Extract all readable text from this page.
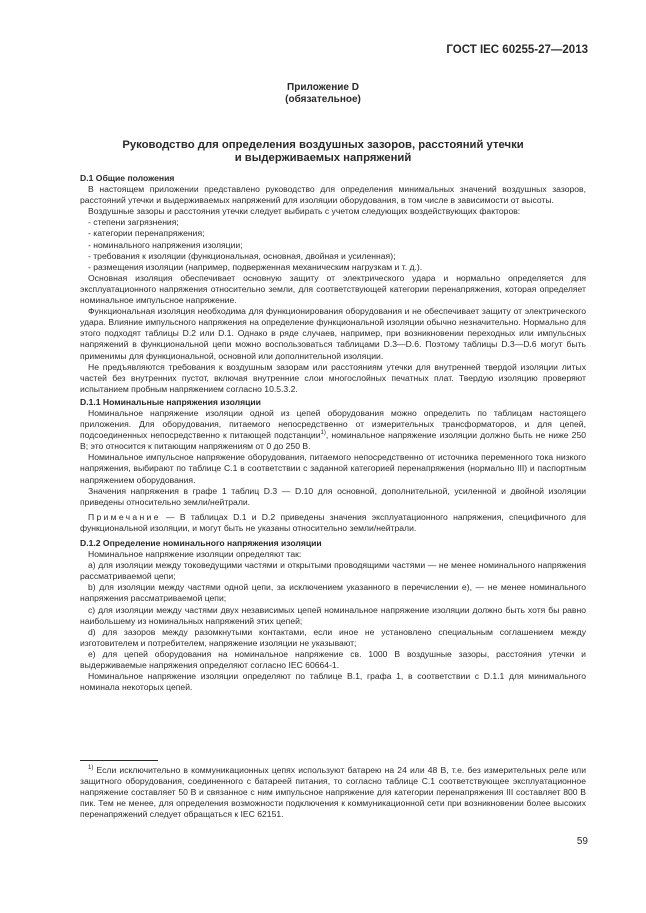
ГОСТ IEC 60255-27—2013
Приложение D
(обязательное)
Руководство для определения воздушных зазоров, расстояний утечки
и выдерживаемых напряжений

D.1 Общие положения

В настоящем приложении представлено руководство для определения минимальных значений воздушных зазоров, расстояний утечки и выдерживаемых напряжений для изоляции оборудования, в том числе в зависимости от высоты.

Воздушные зазоры и расстояния утечки следует выбирать с учетом следующих воздействующих факторов:

- степени загрязнения;

- категории перенапряжения;

- номинального напряжения изоляции;

- требования к изоляции (функциональная, основная, двойная и усиленная);

- размещения изоляции (например, подверженная механическим нагрузкам и т. д.).

Основная изоляция обеспечивает основную защиту от электрического удара и нормально определяется для эксплуатационного напряжения относительно земли, для соответствующей категории перенапряжения, которая определяет номинальное импульсное напряжение.

Функциональная изоляция необходима для функционирования оборудования и не обеспечивает защиту от электрического удара. Влияние импульсного напряжения на определение функциональной изоляции обычно незначительно. Нормально для этого подходят таблицы D.2 или D.1. Однако в ряде случаев, например, при возникновении переходных или импульсных напряжений в функциональной цепи можно воспользоваться таблицами D.3—D.6. Поэтому таблицы D.3—D.6 могут быть применимы для функциональной, основной или дополнительной изоляции.

Не предъявляются требования к воздушным зазорам или расстояниям утечки для внутренней твердой изоляции литых частей без внутренних пустот, включая внутренние слои многослойных печатных плат. Твердую изоляцию проверяют испытанием пробным напряжением согласно 10.5.3.2.

D.1.1 Номинальные напряжения изоляции

Номинальное напряжение изоляции одной из цепей оборудования можно определить по таблицам настоящего приложения. Для оборудования, питаемого непосредственно от измерительных трансформаторов, и для цепей, подсоединенных непосредственно к питающей подстанции$^{1)}$, номинальное напряжение изоляции должно быть не ниже 250 В; это относится к питающим напряжениям от 0 до 250 В.

Номинальное импульсное напряжение оборудования, питаемого непосредственно от источника переменного тока низкого напряжения, выбирают по таблице С.1 в соответствии с заданной категорией перенапряжения (нормально III) и паспортным напряжением оборудования.

Значения напряжения в графе 1 таблиц D.3 — D.10 для основной, дополнительной, усиленной и двойной изоляции приведены относительно земли/нейтрали.

Примечание — В таблицах D.1 и D.2 приведены значения эксплуатационного напряжения, специфичного для функциональной изоляции, и могут быть не указаны относительно земли/нейтрали.

D.1.2 Определение номинального напряжения изоляции

Номинальное напряжение изоляции определяют так:

a) для изоляции между токоведущими частями и открытыми проводящими частями — не менее номинального напряжения рассматриваемой цепи;

b) для изоляции между частями одной цепи, за исключением указанного в перечислении e), — не менее номинального напряжения рассматриваемой цепи;

c) для изоляции между частями двух независимых цепей номинальное напряжение изоляции должно быть хотя бы равно наибольшему из номинальных напряжений этих цепей;

d) для зазоров между разомкнутыми контактами, если иное не установлено специальным соглашением между изготовителем и потребителем, напряжение изоляции не указывают;

e) для цепей оборудования на номинальное напряжение св. 1000 В воздушные зазоры, расстояния утечки и выдерживаемые напряжения определяют согласно IEC 60664-1.

Номинальное напряжение изоляции определяют по таблице В.1, графа 1, в соответствии с D.1.1 для минимального номинала некоторых цепей.

$^{1)}$ Если исключительно в коммуникационных цепях используют батарею на 24 или 48 В, т.е. без измерительных реле или защитного оборудования, соединенного с батареей питания, то согласно таблице С.1 соответствующее эксплуатационное напряжение составляет 50 В и связанное с ним импульсное напряжение для категории перенапряжения III составляет 800 В пик. Тем не менее, для определения возможности подключения к коммуникационной сети при возникновении более высоких перенапряжений следует обращаться к IEC 62151.

59
